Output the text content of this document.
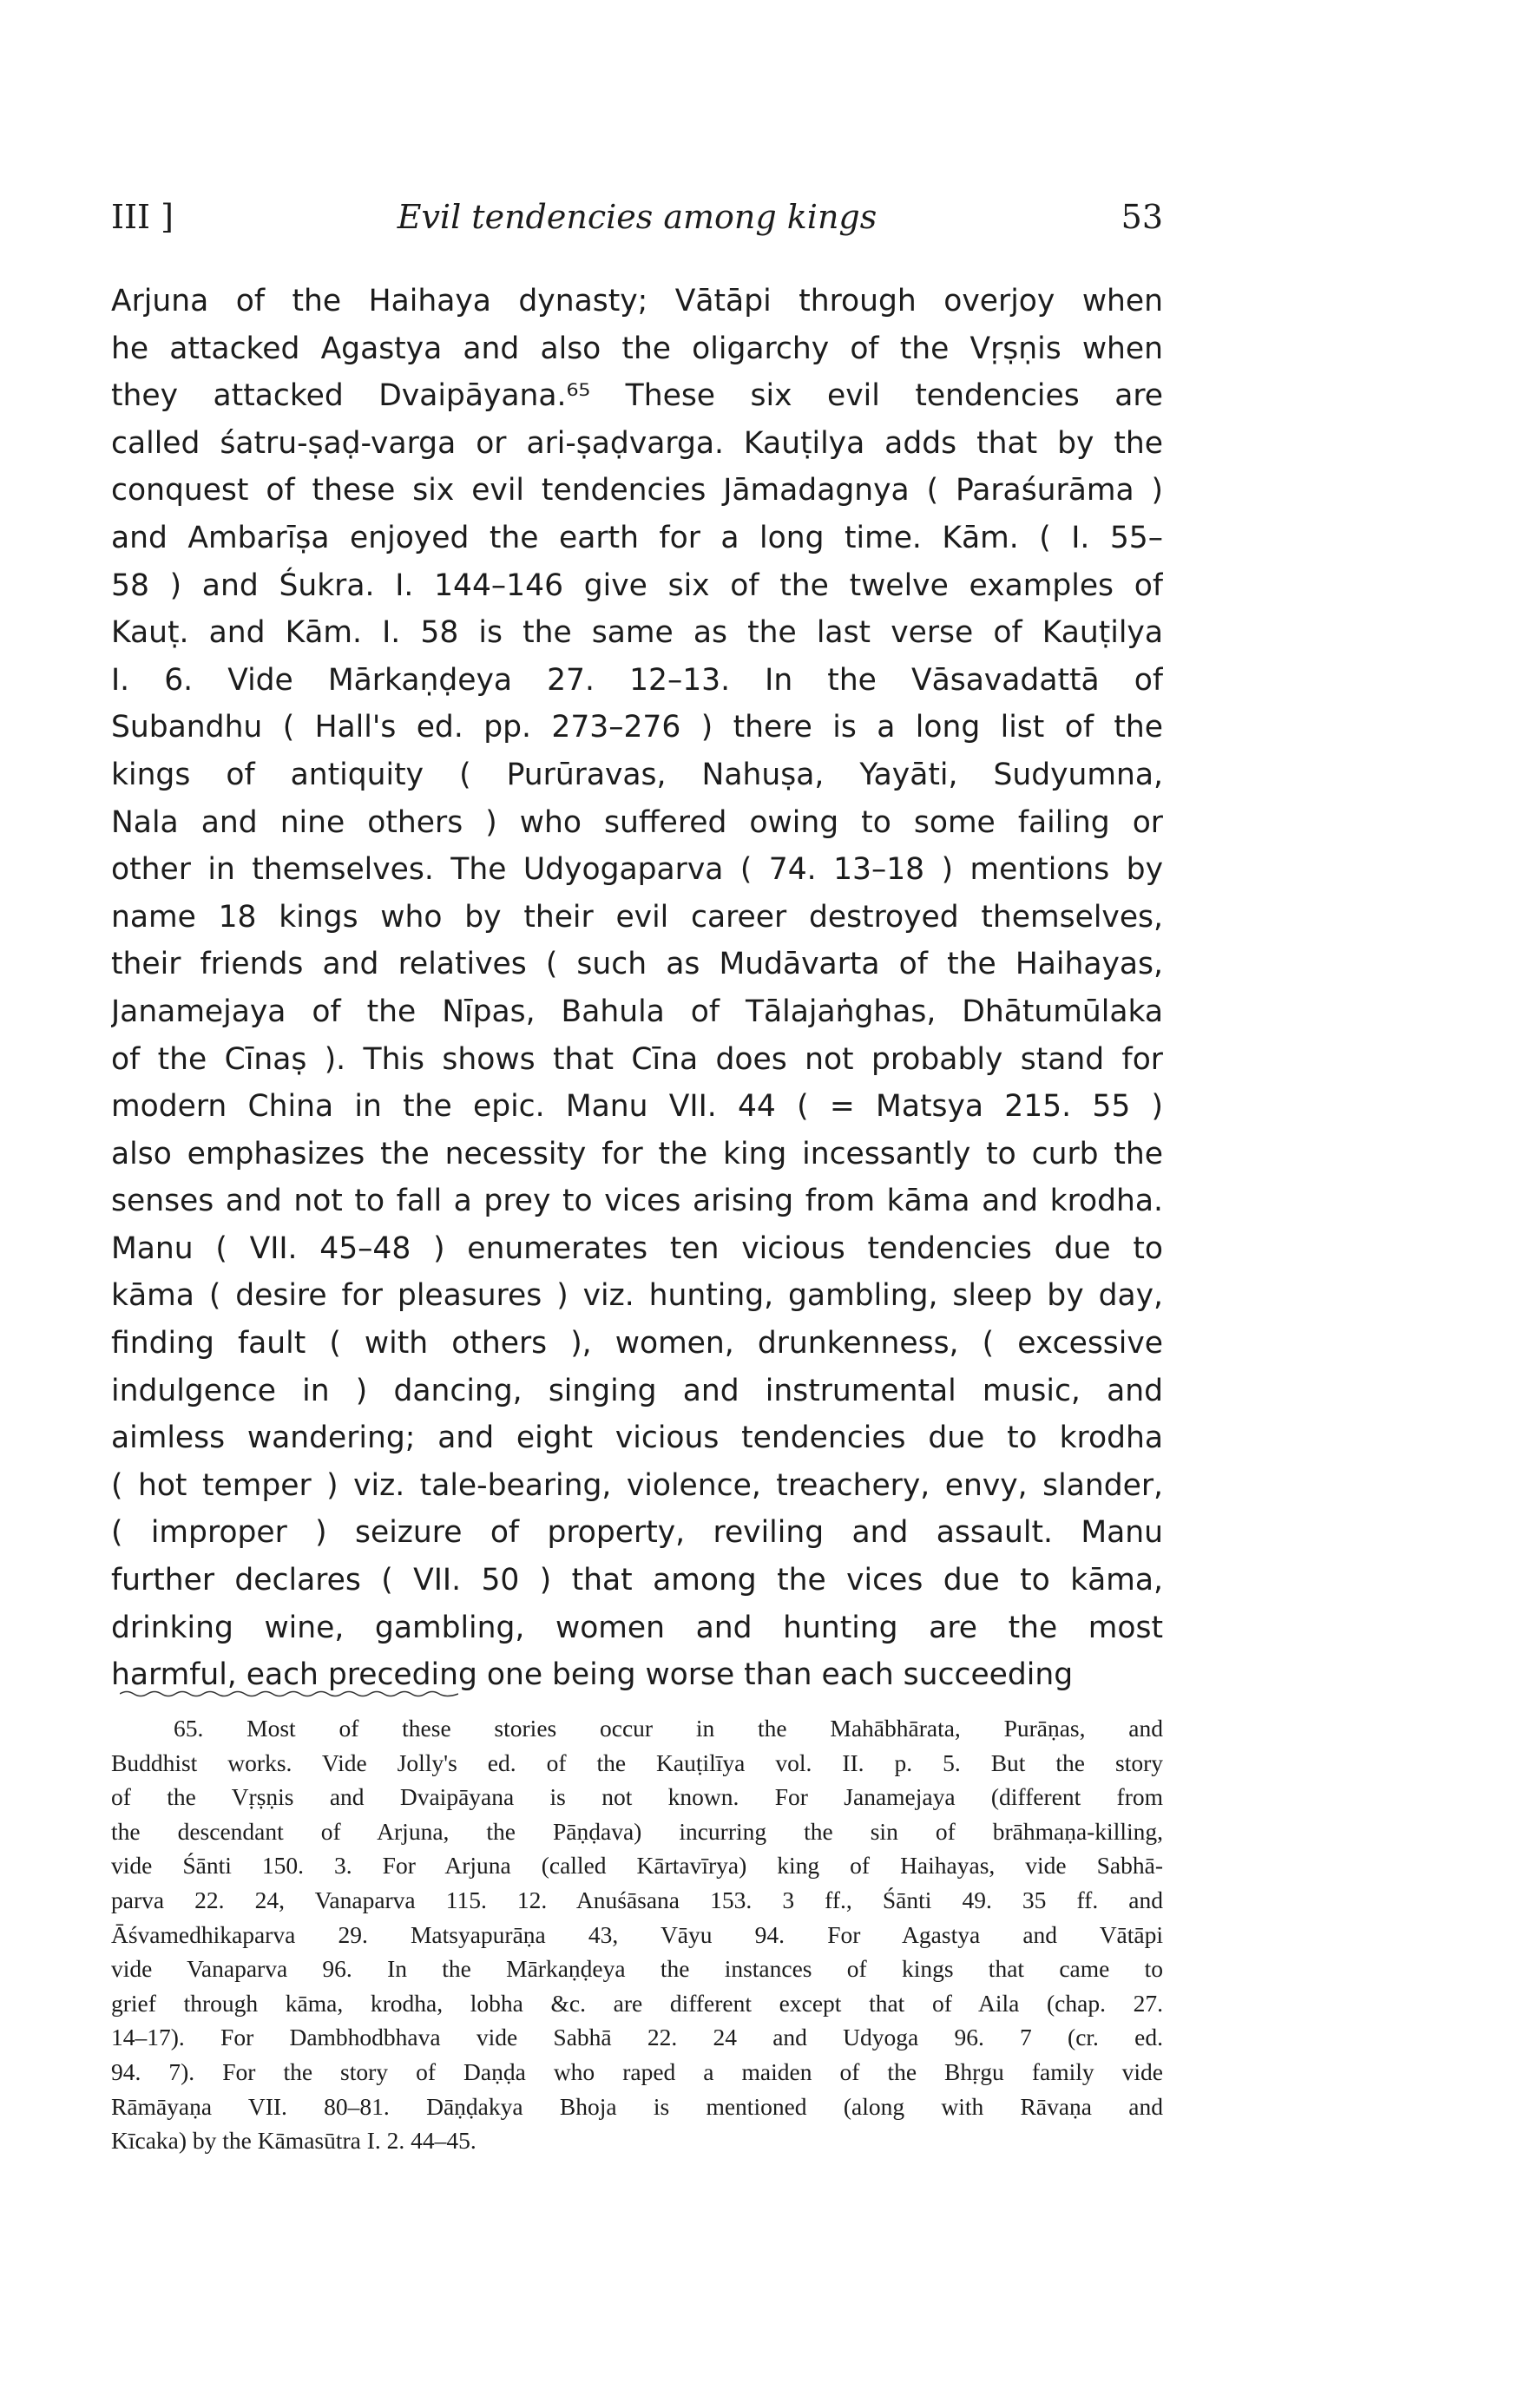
III ]	Evil tendencies among kings	53
Arjuna of the Haihaya dynasty; Vātāpi through overjoy when
he attacked Agastya and also the oligarchy of the Vṛṣṇis when
they attacked Dvaipāyana.⁶⁵ These six evil tendencies are
called śatru-ṣaḍ-varga or ari-ṣaḍvarga. Kauṭilya adds that by the
conquest of these six evil tendencies Jāmadagnya ( Paraśurāma )
and Ambarīṣa enjoyed the earth for a long time. Kām. ( I. 55–
58 ) and Śukra. I. 144–146 give six of the twelve examples of
Kauṭ. and Kām. I. 58 is the same as the last verse of Kauṭilya
I. 6. Vide Mārkaṇḍeya 27. 12–13. In the Vāsavadattā of
Subandhu ( Hall's ed. pp. 273–276 ) there is a long list of the
kings of antiquity ( Purūravas, Nahuṣa, Yayāti, Sudyumna,
Nala and nine others ) who suffered owing to some failing or
other in themselves. The Udyogaparva ( 74. 13–18 ) mentions by
name 18 kings who by their evil career destroyed themselves,
their friends and relatives ( such as Mudāvarta of the Haihayas,
Janamejaya of the Nīpas, Bahula of Tālajaṅghas, Dhātumūlaka
of the Cīnaṣ ). This shows that Cīna does not probably stand for
modern China in the epic. Manu VII. 44 ( = Matsya 215. 55 )
also emphasizes the necessity for the king incessantly to curb the
senses and not to fall a prey to vices arising from kāma and krodha.
Manu ( VII. 45–48 ) enumerates ten vicious tendencies due to
kāma ( desire for pleasures ) viz. hunting, gambling, sleep by day,
finding fault ( with others ), women, drunkenness, ( excessive
indulgence in ) dancing, singing and instrumental music, and
aimless wandering; and eight vicious tendencies due to krodha
( hot temper ) viz. tale-bearing, violence, treachery, envy, slander,
( improper ) seizure of property, reviling and assault. Manu
further declares ( VII. 50 ) that among the vices due to kāma,
drinking wine, gambling, women and hunting are the most
harmful, each preceding one being worse than each succeeding
65. Most of these stories occur in the Mahābhārata, Purāṇas, and
Buddhist works. Vide Jolly's ed. of the Kauṭilīya vol. II. p. 5. But the story
of the Vṛṣṇis and Dvaipāyana is not known. For Janamejaya (different from
the descendant of Arjuna, the Pāṇḍava) incurring the sin of brāhmaṇa-killing,
vide Śānti 150. 3. For Arjuna (called Kārtavīrya) king of Haihayas, vide Sabhā-
parva 22. 24, Vanaparva 115. 12. Anuśāsana 153. 3 ff., Śānti 49. 35 ff. and
Āśvamedhikaparva 29. Matsyapurāṇa 43, Vāyu 94. For Agastya and Vātāpi
vide Vanaparva 96. In the Mārkaṇḍeya the instances of kings that came to
grief through kāma, krodha, lobha &c. are different except that of Aila (chap. 27.
14–17). For Dambhodbhava vide Sabhā 22. 24 and Udyoga 96. 7 (cr. ed.
94. 7). For the story of Daṇḍa who raped a maiden of the Bhṛgu family vide
Rāmāyaṇa VII. 80–81. Dāṇḍakya Bhoja is mentioned (along with Rāvaṇa and
Kīcaka) by the Kāmasūtra I. 2. 44–45.
